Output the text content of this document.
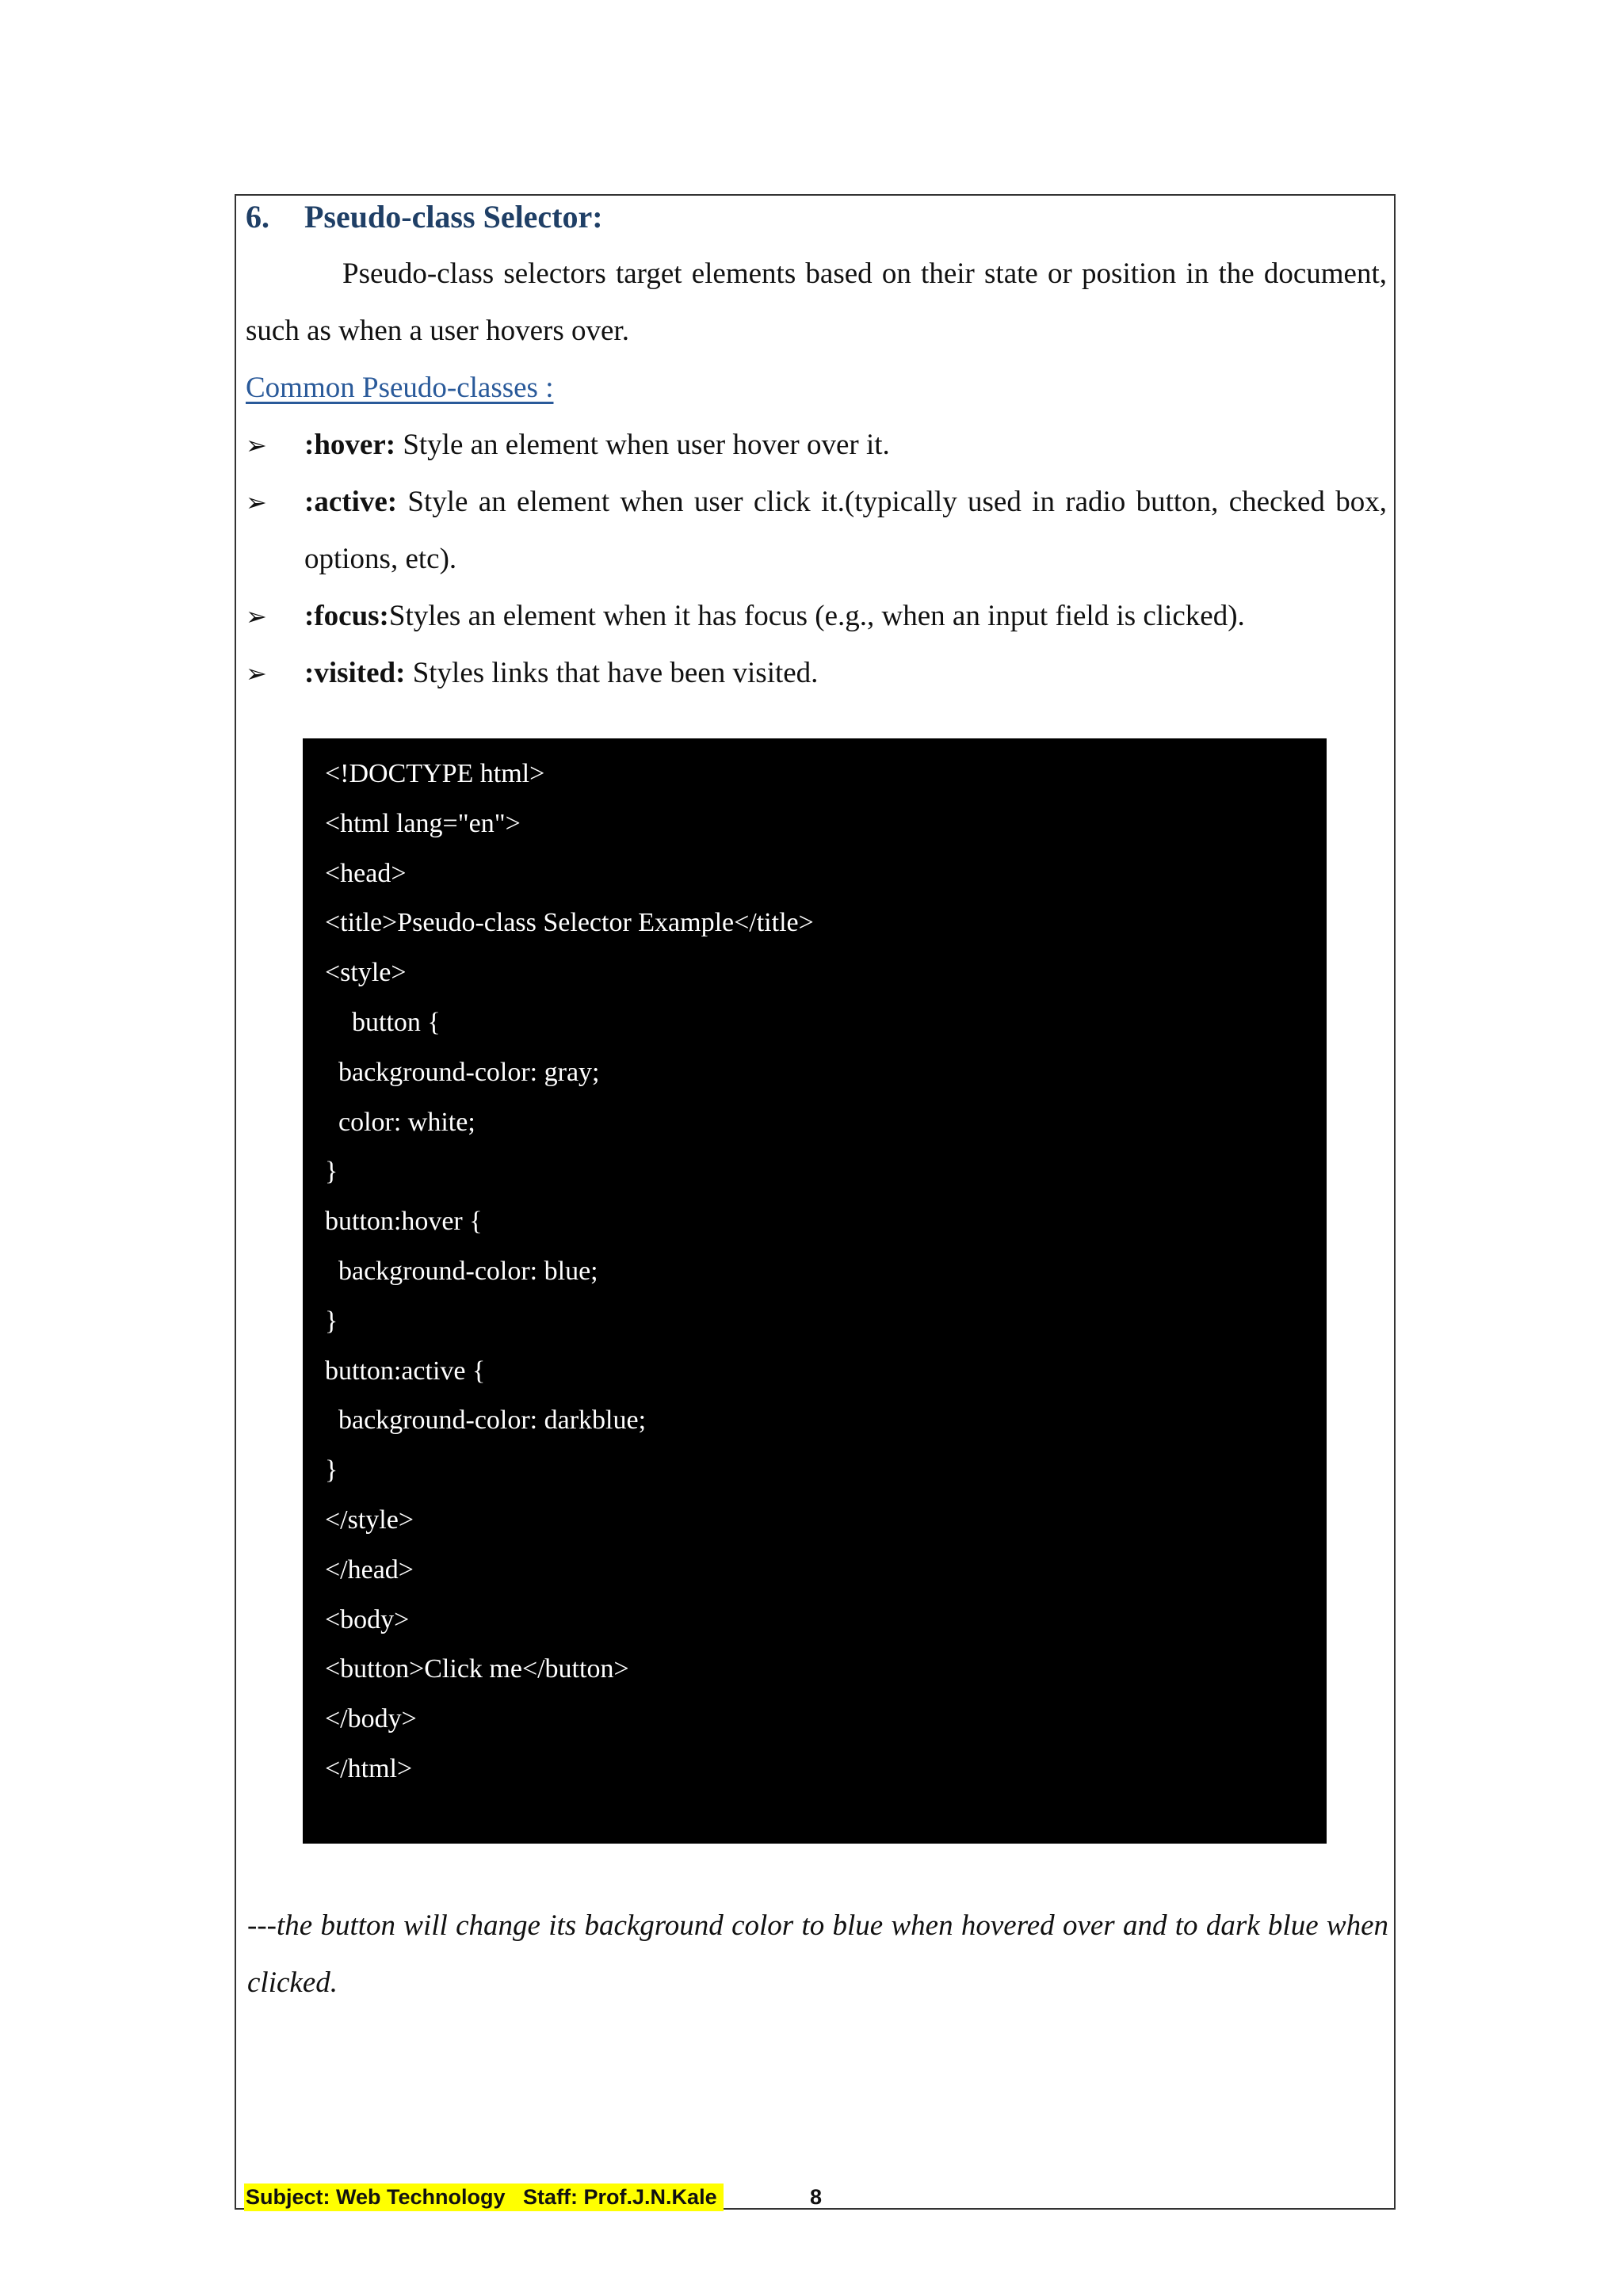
6.	Pseudo-class Selector:
Pseudo-class selectors target elements based on their state or position in the document, such as when a user hovers over.
Common Pseudo-classes :
➢	:hover: Style an element when user hover over it.
➢	:active: Style an element when user click it.(typically used in radio button, checked box, options, etc).
➢	:focus:Styles an element when it has focus (e.g., when an input field is clicked).
➢	:visited: Styles links that have been visited.
<!DOCTYPE html>
<html lang="en">
<head>
<title>Pseudo-class Selector Example</title>
<style>
button {
background-color: gray;
color: white;
}
button:hover {
background-color: blue;
}
button:active {
background-color: darkblue;
}
</style>
</head>
<body>
<button>Click me</button>
</body>
</html>
---the button will change its background color to blue when hovered over and to dark blue when clicked.
Subject: Web Technology Staff: Prof.J.N.Kale	8
